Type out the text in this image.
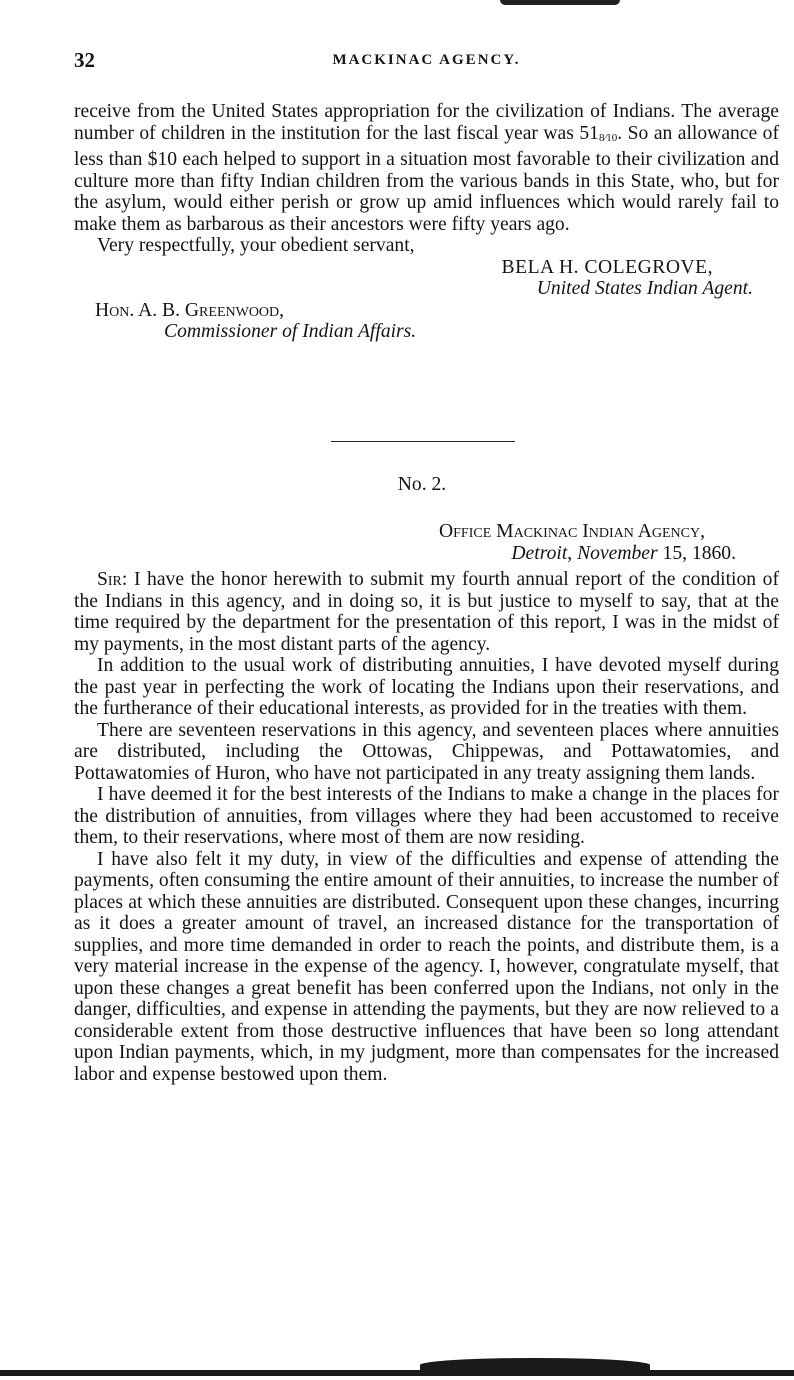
32	MACKINAC AGENCY.

receive from the United States appropriation for the civilization of Indians. The average number of children in the institution for the last fiscal year was 518⁄10. So an allowance of less than $10 each helped to support in a situation most favorable to their civilization and culture more than fifty Indian children from the various bands in this State, who, but for the asylum, would either perish or grow up amid influences which would rarely fail to make them as barbarous as their ancestors were fifty years ago.

Very respectfully, your obedient servant,

BELA H. COLEGROVE,
United States Indian Agent.
Hon. A. B. Greenwood,
Commissioner of Indian Affairs.
No. 2.
Office Mackinac Indian Agency,
Detroit, November 15, 1860.

Sir: I have the honor herewith to submit my fourth annual report of the condition of the Indians in this agency, and in doing so, it is but justice to myself to say, that at the time required by the department for the presentation of this report, I was in the midst of my payments, in the most distant parts of the agency.

In addition to the usual work of distributing annuities, I have devoted myself during the past year in perfecting the work of locating the Indians upon their reservations, and the furtherance of their educational interests, as provided for in the treaties with them.

There are seventeen reservations in this agency, and seventeen places where annuities are distributed, including the Ottowas, Chippewas, and Pottawatomies, and Pottawatomies of Huron, who have not participated in any treaty assigning them lands.

I have deemed it for the best interests of the Indians to make a change in the places for the distribution of annuities, from villages where they had been accustomed to receive them, to their reservations, where most of them are now residing.

I have also felt it my duty, in view of the difficulties and expense of attending the payments, often consuming the entire amount of their annuities, to increase the number of places at which these annuities are distributed. Consequent upon these changes, incurring as it does a greater amount of travel, an increased distance for the transportation of supplies, and more time demanded in order to reach the points, and distribute them, is a very material increase in the expense of the agency. I, however, congratulate myself, that upon these changes a great benefit has been conferred upon the Indians, not only in the danger, difficulties, and expense in attending the payments, but they are now relieved to a considerable extent from those destructive influences that have been so long attendant upon Indian payments, which, in my judgment, more than compensates for the increased labor and expense bestowed upon them.
